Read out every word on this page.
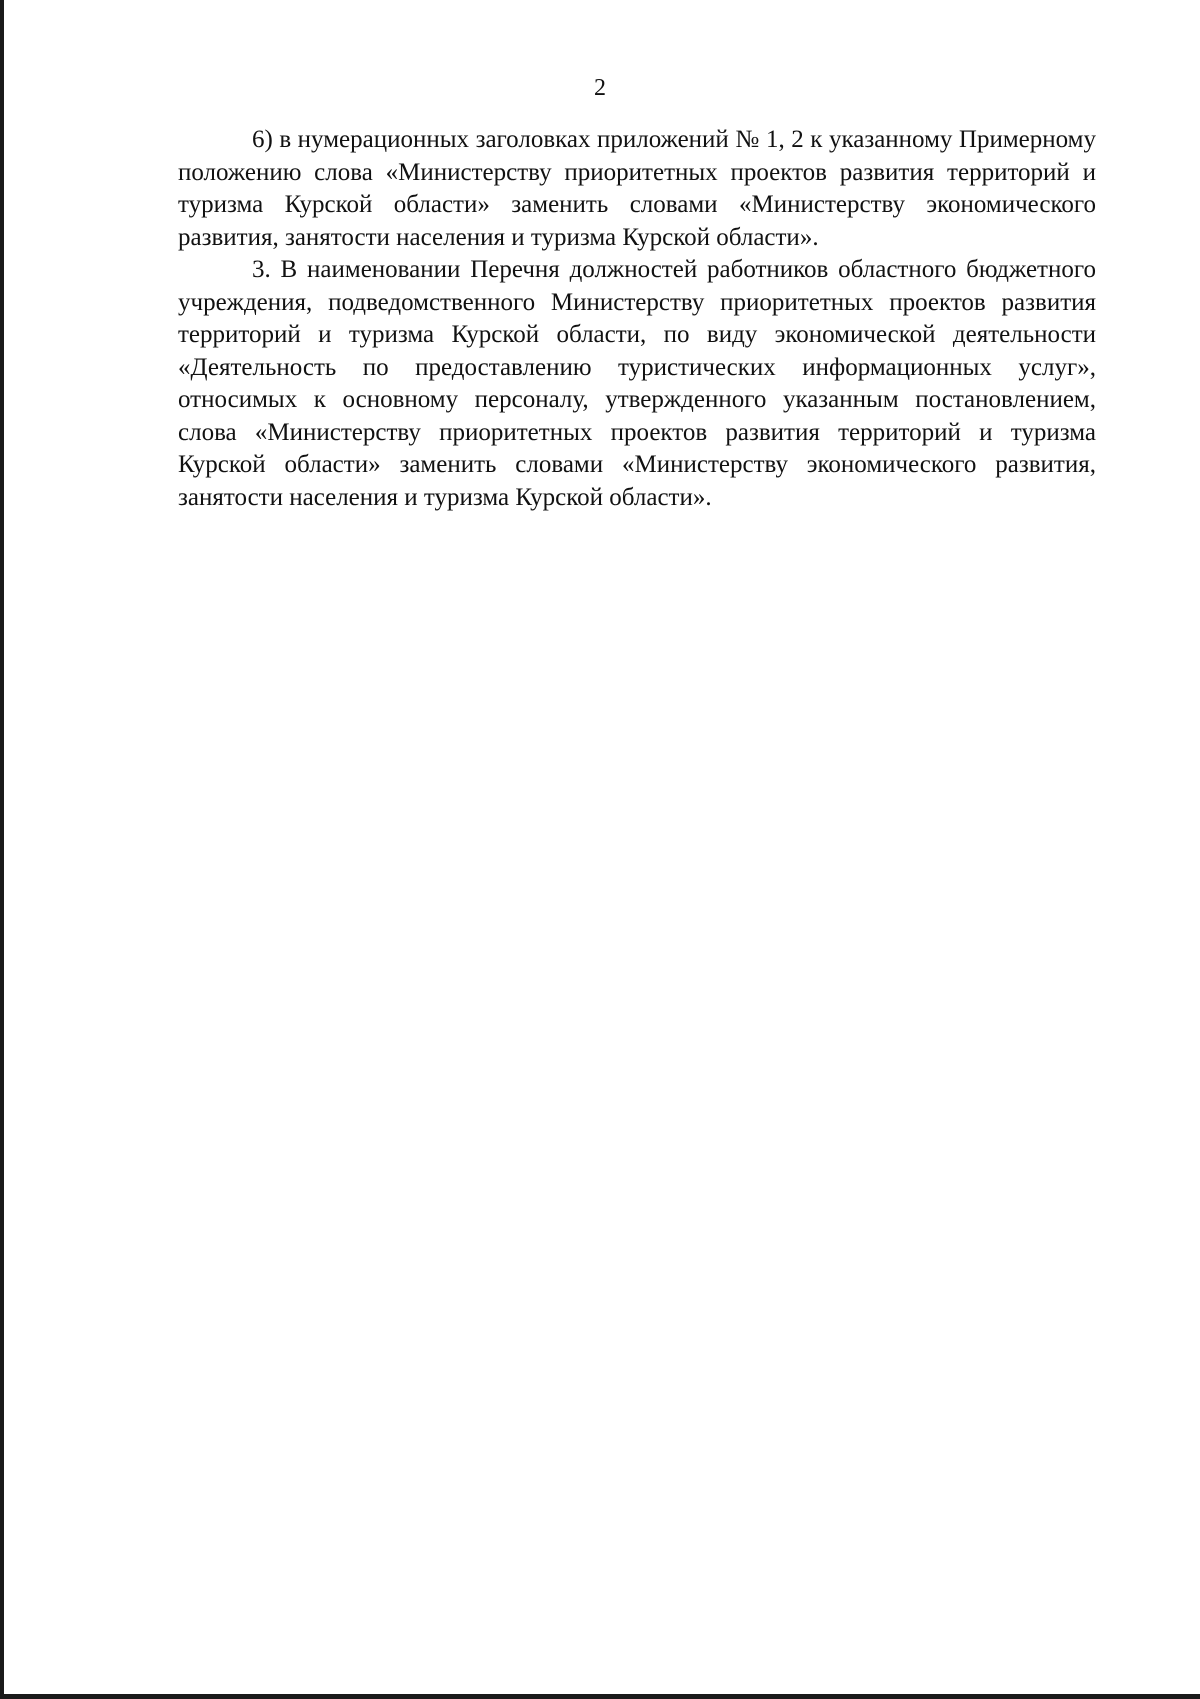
2

6) в нумерационных заголовках приложений № 1, 2 к указанному Примерному положению слова «Министерству приоритетных проектов развития территорий и туризма Курской области» заменить словами «Министерству экономического развития, занятости населения и туризма Курской области».

3. В наименовании Перечня должностей работников областного бюджетного учреждения, подведомственного Министерству приоритетных проектов развития территорий и туризма Курской области, по виду экономической деятельности «Деятельность по предоставлению туристических информационных услуг», относимых к основному персоналу, утвержденного указанным постановлением, слова «Министерству приоритетных проектов развития территорий и туризма Курской области» заменить словами «Министерству экономического развития, занятости населения и туризма Курской области».
